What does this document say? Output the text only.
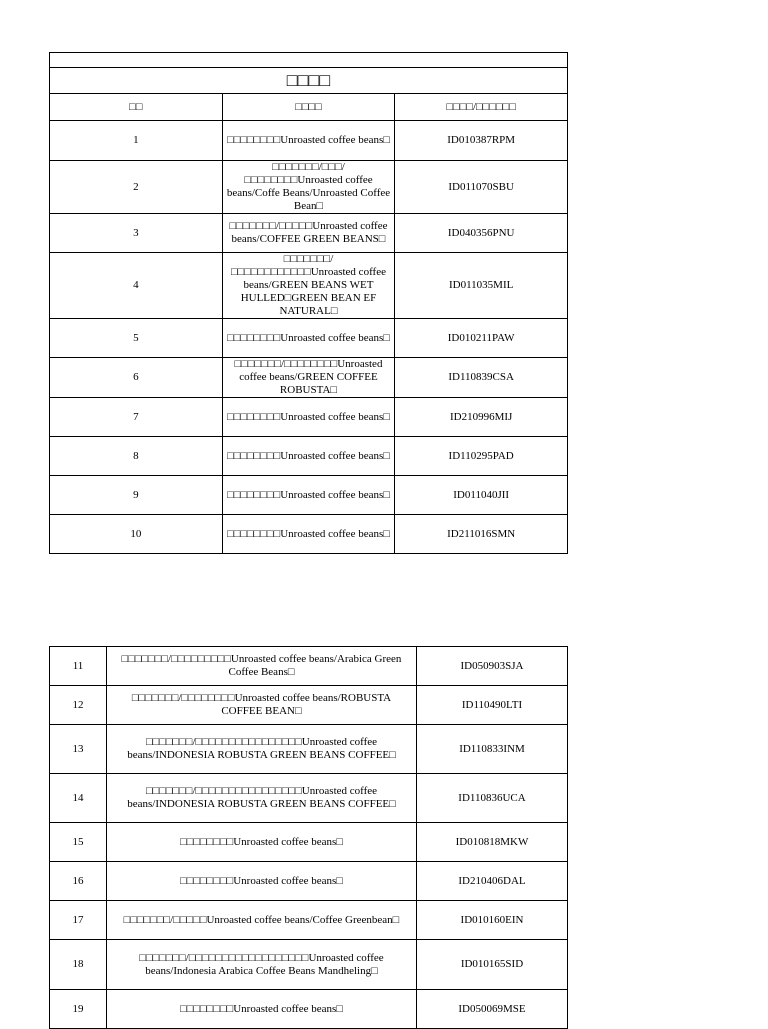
□□□□		
□□	□□□□	□□□□/□□□□□□
1	□□□□□□□□Unroasted coffee beans□	ID010387RPM
2	□□□□□□□/□□□/□□□□□□□□Unroasted coffee beans/Coffe Beans/Unroasted Coffee Bean□	ID011070SBU
3	□□□□□□□/□□□□□Unroasted coffee beans/COFFEE GREEN BEANS□	ID040356PNU
4	□□□□□□□/□□□□□□□□□□□□Unroasted coffee beans/GREEN BEANS WET HULLED□GREEN BEAN EF NATURAL□	ID011035MIL
5	□□□□□□□□Unroasted coffee beans□	ID010211PAW
6	□□□□□□□/□□□□□□□□Unroasted coffee beans/GREEN COFFEE ROBUSTA□	ID110839CSA
7	□□□□□□□□Unroasted coffee beans□	ID210996MIJ
8	□□□□□□□□Unroasted coffee beans□	ID110295PAD
9	□□□□□□□□Unroasted coffee beans□	ID011040JII
10	□□□□□□□□Unroasted coffee beans□	ID211016SMN
11	□□□□□□□/□□□□□□□□□Unroasted coffee beans/Arabica Green Coffee Beans□	ID050903SJA
12	□□□□□□□/□□□□□□□□Unroasted coffee beans/ROBUSTA COFFEE BEAN□	ID110490LTI
13	□□□□□□□/□□□□□□□□□□□□□□□□Unroasted coffee beans/INDONESIA ROBUSTA GREEN BEANS COFFEE□	ID110833INM
14	□□□□□□□/□□□□□□□□□□□□□□□□Unroasted coffee beans/INDONESIA ROBUSTA GREEN BEANS COFFEE□	ID110836UCA
15	□□□□□□□□Unroasted coffee beans□	ID010818MKW
16	□□□□□□□□Unroasted coffee beans□	ID210406DAL
17	□□□□□□□/□□□□□Unroasted coffee beans/Coffee Greenbean□	ID010160EIN
18	□□□□□□□/□□□□□□□□□□□□□□□□□□Unroasted coffee beans/Indonesia Arabica Coffee Beans Mandheling□	ID010165SID
19	□□□□□□□□Unroasted coffee beans□	ID050069MSE
